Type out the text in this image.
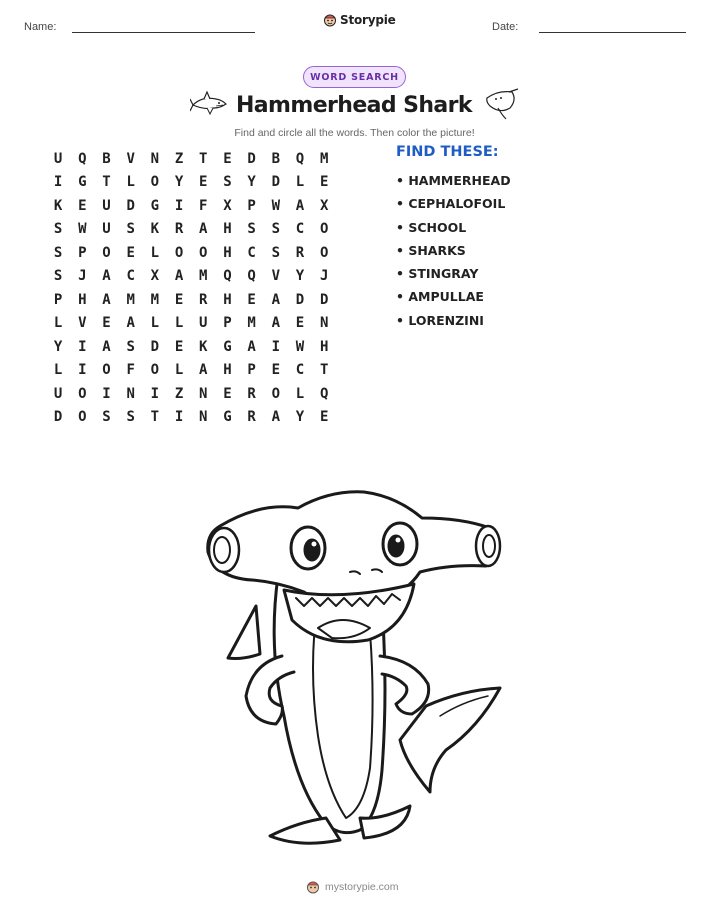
Name:	Storypie	Date:
WORD SEARCH
Hammerhead Shark
Find and circle all the words. Then color the picture!
U	Q	B	V	N	Z	T	E	D	B	Q	M
I	G	T	L	O	Y	E	S	Y	D	L	E
K	E	U	D	G	I	F	X	P	W	A	X
S	W	U	S	K	R	A	H	S	S	C	O
S	P	O	E	L	O	O	H	C	S	R	O
S	J	A	C	X	A	M	Q	Q	V	Y	J
P	H	A	M	M	E	R	H	E	A	D	D
L	V	E	A	L	L	U	P	M	A	E	N
Y	I	A	S	D	E	K	G	A	I	W	H
L	I	O	F	O	L	A	H	P	E	C	T
U	O	I	N	I	Z	N	E	R	O	L	Q
D	O	S	S	T	I	N	G	R	A	Y	E
FIND THESE:
• HAMMERHEAD
• CEPHALOFOIL
• SCHOOL
• SHARKS
• STINGRAY
• AMPULLAE
• LORENZINI
mystorypie.com
